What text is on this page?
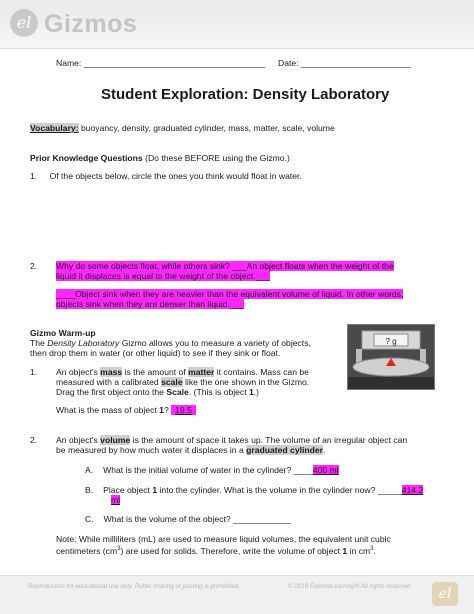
el Gizmos
Name: ______________________________________ Date: _______________________
Student Exploration: Density Laboratory
Vocabulary: buoyancy, density, graduated cylinder, mass, matter, scale, volume
Prior Knowledge Questions (Do these BEFORE using the Gizmo.)
1. Of the objects below, circle the ones you think would float in water.
2. Why do some objects float, while others sink? ___An object floats when the weight of the
liquid it displaces is equal to the weight of the object.___
____Object sink when they are heavier than the equivalent volume of liquid. In other words,
objects sink when they are denser than liquid.___
Gizmo Warm-up
The Density Laboratory Gizmo allows you to measure a variety of objects,
then drop them in water (or other liquid) to see if they sink or float.
? g
1. An object's mass is the amount of matter it contains. Mass can be
measured with a calibrated scale like the one shown in the Gizmo.
Drag the first object onto the Scale. (This is object 1.)
What is the mass of object 1? 19.5
2. An object's volume is the amount of space it takes up. The volume of an irregular object can
be measured by how much water it displaces in a graduated cylinder.
A. What is the initial volume of water in the cylinder? ____400 ml
B. Place object 1 into the cylinder. What is the volume in the cylinder now? _____414.2
ml
C. What is the volume of the object? ____________
Note: While milliliters (mL) are used to measure liquid volumes, the equivalent unit cubic
centimeters $(cm^3)$ are used for solids. Therefore, write the volume of object 1 in $cm^3$.
Reproduction for educational use only. Public sharing or posting is prohibited.	© 2019 ExploreLearning® All rights reserved	el
